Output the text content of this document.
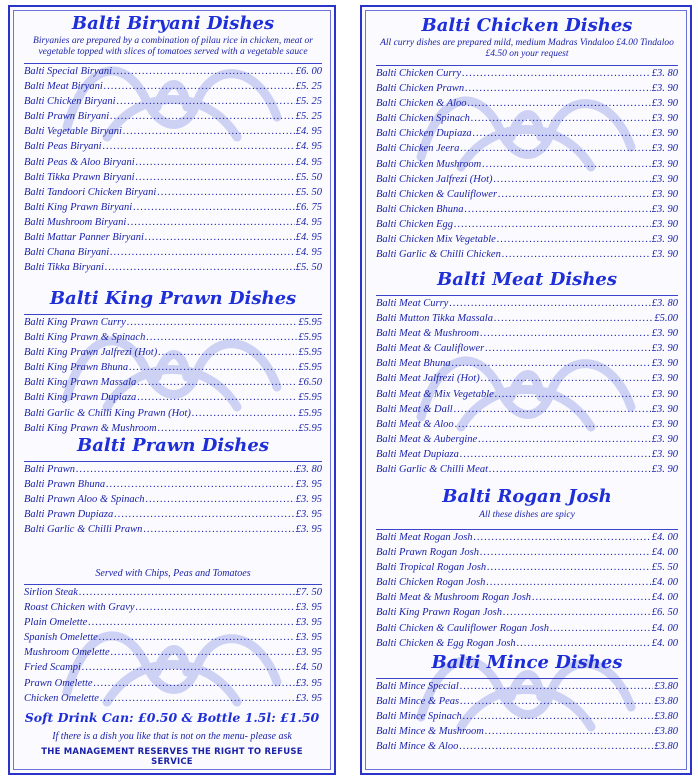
Balti Biryani Dishes
Biryanies are prepared by a combination of pilau rice in chicken, meat or vegetable topped with slices of tomatoes served with a vegetable sauce
Balti Special Biryani .....	£6. 00
Balti Meat Biryani .....	£5. 25
Balti Chicken Biryani .....	£5. 25
Balti Prawn Biryani .....	£5. 25
Balti Vegetable Biryani .....	£4. 95
Balti Peas Biryani .....	£4. 95
Balti Peas & Aloo Biryani .....	£4. 95
Balti Tikka Prawn Biryani .....	£5. 50
Balti Tandoori Chicken Biryani .....	£5. 50
Balti King Prawn Biryani .....	£6. 75
Balti Mushroom Biryani .....	£4. 95
Balti Mattar Panner Biryani .....	£4. 95
Balti Chana Biryani .....	£4. 95
Balti Tikka Biryani .....	£5. 50
Balti King Prawn Dishes
Balti King Prawn Curry .....	£5.95
Balti King Prawn & Spinach .....	£5.95
Balti King Prawn Jalfrezi (Hot) .....	£5.95
Balti King Prawn Bhuna .....	£5.95
Balti King Prawn Massala .....	£6.50
Balti King Prawn Dupiaza .....	£5.95
Balti Garlic & Chilli King Prawn (Hot) .....	£5.95
Balti King Prawn & Mushroom .....	£5.95
Balti Prawn Dishes
Balti Prawn .....	£3. 80
Balti Prawn Bhuna .....	£3. 95
Balti Prawn Aloo & Spinach .....	£3. 95
Balti Prawn Dupiaza .....	£3. 95
Balti Garlic & Chilli Prawn .....	£3. 95
Served with Chips, Peas and Tomatoes
Sirlion Steak .....	£7. 50
Roast Chicken with Gravy .....	£3. 95
Plain Omelette .....	£3. 95
Spanish Omelette .....	£3. 95
Mushroom Omelette .....	£3. 95
Fried Scampi .....	£4. 50
Prawn Omelette .....	£3. 95
Chicken Omelette .....	£3. 95
Soft Drink Can: £0.50 & Bottle 1.5l: £1.50
If there is a dish you like that is not on the menu- please ask
THE MANAGEMENT RESERVES THE RIGHT TO REFUSE SERVICE
Balti Chicken Dishes
All curry dishes are prepared mild, medium Madras Vindaloo £4.00 Tindaloo £4.50 on your request
Balti Chicken Curry .....	£3. 80
Balti Chicken Prawn .....	£3. 90
Balti Chicken & Aloo .....	£3. 90
Balti Chicken Spinach .....	£3. 90
Balti Chicken Dupiaza .....	£3. 90
Balti Chicken Jeera .....	£3. 90
Balti Chicken Mushroom .....	£3. 90
Balti Chicken Jalfrezi (Hot) .....	£3. 90
Balti Chicken & Cauliflower .....	£3. 90
Balti Chicken Bhuna .....	£3. 90
Balti Chicken Egg .....	£3. 90
Balti Chicken Mix Vegetable .....	£3. 90
Balti Garlic & Chilli Chicken .....	£3. 90
Balti Meat Dishes
Balti Meat Curry .....	£3. 80
Balti Mutton Tikka Massala .....	£5.00
Balti Meat & Mushroom .....	£3. 90
Balti Meat & Cauliflower .....	£3. 90
Balti Meat Bhuna .....	£3. 90
Balti Meat Jalfrezi (Hot) .....	£3. 90
Balti Meat & Mix Vegetable .....	£3. 90
Balti Meat & Dall .....	£3. 90
Balti Meat & Aloo .....	£3. 90
Balti Meat & Aubergine .....	£3. 90
Balti Meat Dupiaza .....	£3. 90
Balti Garlic & Chilli Meat .....	£3. 90
Balti Rogan Josh
All these dishes are spicy
Balti Meat Rogan Josh .....	£4. 00
Balti Prawn Rogan Josh .....	£4. 00
Balti Tropical Rogan Josh .....	£5. 50
Balti Chicken Rogan Josh .....	£4. 00
Balti Meat & Mushroom Rogan Josh .....	£4. 00
Balti King Prawn Rogan Josh .....	£6. 50
Balti Chicken & Cauliflower Rogan Josh .....	£4. 00
Balti Chicken & Egg Rogan Josh .....	£4. 00
Balti Mince Dishes
Balti Mince Special .....	£3.80
Balti Mince & Peas .....	£3.80
Balti Mince Spinach .....	£3.80
Balti Mince & Mushroom .....	£3.80
Balti Mince & Aloo .....	£3.80
